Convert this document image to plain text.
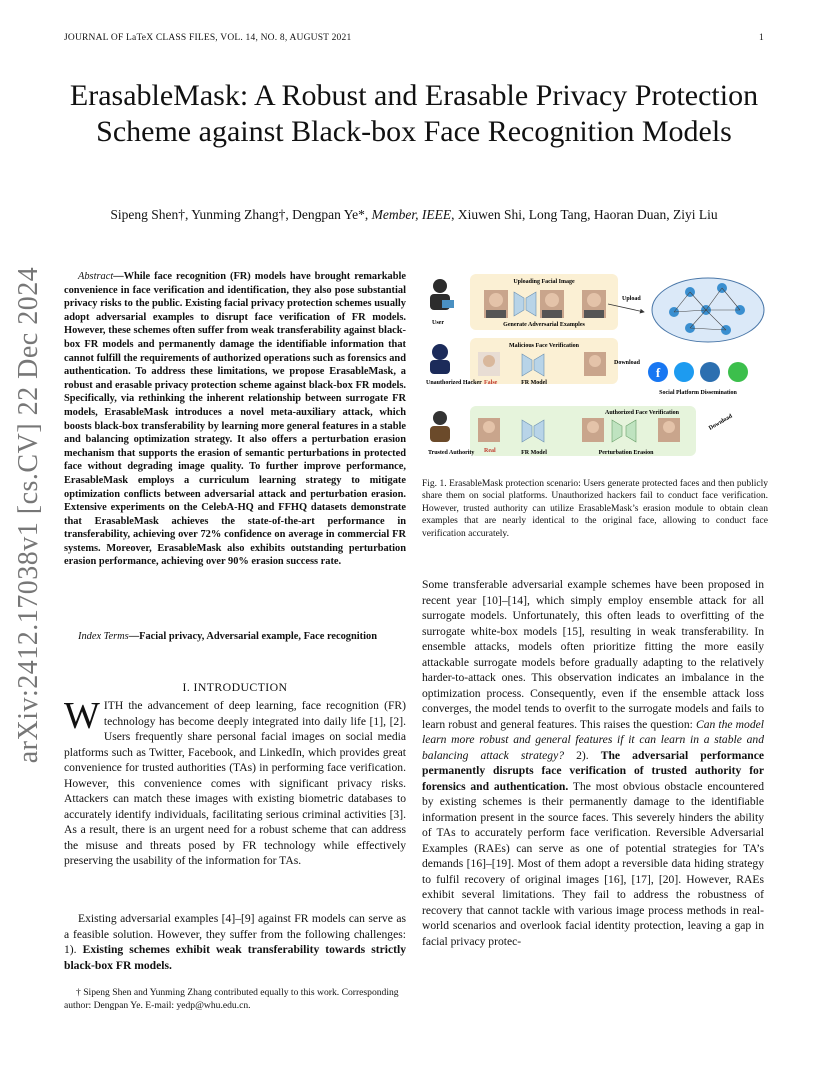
JOURNAL OF LaTeX CLASS FILES, VOL. 14, NO. 8, AUGUST 2021	1
ErasableMask: A Robust and Erasable Privacy Protection Scheme against Black-box Face Recognition Models
Sipeng Shen†, Yunming Zhang†, Dengpan Ye*, Member, IEEE, Xiuwen Shi, Long Tang, Haoran Duan, Ziyi Liu
arXiv:2412.17038v1 [cs.CV] 22 Dec 2024	Abstract—While face recognition (FR) models have brought remarkable convenience in face verification and identification, they also pose substantial privacy risks to the public. Existing facial privacy protection schemes usually adopt adversarial examples to disrupt face verification of FR models. However, these schemes often suffer from weak transferability against black-box FR models and permanently damage the identifiable information that cannot fulfill the requirements of authorized operations such as forensics and authentication. To address these limitations, we propose ErasableMask, a robust and erasable privacy protection scheme against black-box FR models. Specifically, via rethinking the inherent relationship between surrogate FR models, ErasableMask introduces a novel meta-auxiliary attack, which boosts black-box transferability by learning more general features in a stable and balancing optimization strategy. It also offers a perturbation erasion mechanism that supports the erasion of semantic perturbations in protected face without degrading image quality. To further improve performance, ErasableMask employs a curriculum learning strategy to mitigate optimization conflicts between adversarial attack and perturbation erasion. Extensive experiments on the CelebA-HQ and FFHQ datasets demonstrate that ErasableMask achieves the state-of-the-art performance in transferability, achieving over 72% confidence on average in commercial FR systems. Moreover, ErasableMask also exhibits outstanding perturbation erasion performance, achieving over 90% erasion success rate.
Index Terms—Facial privacy, Adversarial example, Face recognition
I. INTRODUCTION
WITH the advancement of deep learning, face recognition (FR) technology has become deeply integrated into daily life [1], [2]. Users frequently share personal facial images on social media platforms such as Twitter, Facebook, and LinkedIn, which provides great convenience for trusted authorities (TAs) in performing face verification. However, this convenience comes with significant privacy risks. Attackers can match these images with existing biometric databases to accurately identify individuals, facilitating serious criminal activities [3]. As a result, there is an urgent need for a robust scheme that can address the misuse and threats posed by FR technology while effectively preserving the usability of the information for TAs.
Existing adversarial examples [4]–[9] against FR models can serve as a feasible solution. However, they suffer from the following challenges: 1). Existing schemes exhibit weak transferability towards strictly black-box FR models.
† Sipeng Shen and Yunming Zhang contributed equally to this work. Corresponding author: Dengpan Ye. E-mail: yedp@whu.edu.cn.
Uploading Facial Image
Generate Adversarial Examples
Upload
User
Malicious Face Verification
False	FR Model
Download
Unauthorized Hacker
f
Social Platform Dissemination
Authorized Face Verification
Real	FR Model	Perturbation Erasion
Download
Trusted Authority
Fig. 1. ErasableMask protection scenario: Users generate protected faces and then publicly share them on social platforms. Unauthorized hackers fail to conduct face verification. However, trusted authority can utilize ErasableMask’s erasion module to obtain clean examples that are nearly identical to the original face, allowing to conduct face verification accurately.
Some transferable adversarial example schemes have been proposed in recent year [10]–[14], which simply employ ensemble attack for all surrogate models. Unfortunately, this often leads to overfitting of the surrogate white-box models [15], resulting in weak transferability. In ensemble attacks, models often prioritize fitting the more easily attackable surrogate models before gradually adapting to the relatively harder-to-attack ones. This observation indicates an imbalance in the optimization process. Consequently, even if the ensemble attack loss converges, the model tends to overfit to the surrogate models and fails to learn robust and general features. This raises the question: Can the model learn more robust and general features if it can learn in a stable and balancing attack strategy? 2). The adversarial performance permanently disrupts face verification of trusted authority for forensics and authentication. The most obvious obstacle encountered by existing schemes is their permanently damage to the identifiable information present in the source faces. This severely hinders the ability of TAs to accurately perform face verification. Reversible Adversarial Examples (RAEs) can serve as one of potential strategies for TA’s demands [16]–[19]. Most of them adopt a reversible data hiding strategy to fulfil recovery of original images [16], [17], [20]. However, RAEs exhibit several limitations. They fail to address the robustness of recovery that cannot tackle with various image process methods in real-world scenarios and overlook facial identity protection, leaving a gap in facial privacy protec-
